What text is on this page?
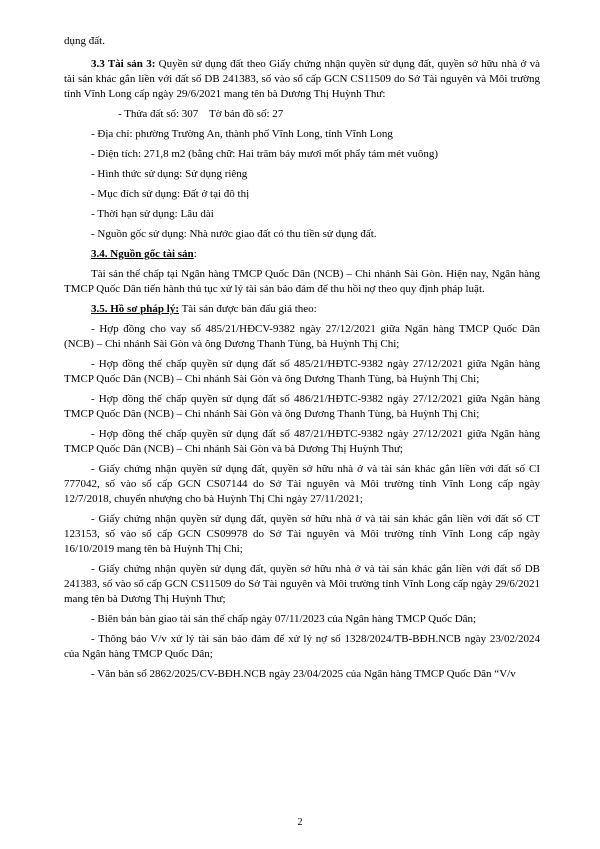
dụng đất.

3.3 Tài sản 3: Quyền sử dụng đất theo Giấy chứng nhận quyền sử dụng đất, quyền sở hữu nhà ở và tài sản khác gắn liền với đất số DB 241383, số vào sổ cấp GCN CS11509 do Sở Tài nguyên và Môi trường tỉnh Vĩnh Long cấp ngày 29/6/2021 mang tên bà Dương Thị Huỳnh Thư:

- Thửa đất số: 307 Tờ bản đồ số: 27

- Địa chỉ: phường Trường An, thành phố Vĩnh Long, tỉnh Vĩnh Long

- Diện tích: 271,8 m2 (bằng chữ: Hai trăm bảy mươi mốt phẩy tám mét vuông)

- Hình thức sử dụng: Sử dụng riêng

- Mục đích sử dụng: Đất ở tại đô thị

- Thời hạn sử dụng: Lâu dài

- Nguồn gốc sử dụng: Nhà nước giao đất có thu tiền sử dụng đất.

3.4. Nguồn gốc tài sản:

Tài sản thế chấp tại Ngân hàng TMCP Quốc Dân (NCB) – Chi nhánh Sài Gòn. Hiện nay, Ngân hàng TMCP Quốc Dân tiến hành thủ tục xử lý tài sản bảo đảm để thu hồi nợ theo quy định pháp luật.

3.5. Hồ sơ pháp lý: Tài sản được bán đấu giá theo:

- Hợp đồng cho vay số 485/21/HĐCV-9382 ngày 27/12/2021 giữa Ngân hàng TMCP Quốc Dân (NCB) – Chi nhánh Sài Gòn và ông Dương Thanh Tùng, bà Huỳnh Thị Chi;

- Hợp đồng thế chấp quyền sử dụng đất số 485/21/HĐTC-9382 ngày 27/12/2021 giữa Ngân hàng TMCP Quốc Dân (NCB) – Chi nhánh Sài Gòn và ông Dương Thanh Tùng, bà Huỳnh Thị Chi;

- Hợp đồng thế chấp quyền sử dụng đất số 486/21/HĐTC-9382 ngày 27/12/2021 giữa Ngân hàng TMCP Quốc Dân (NCB) – Chi nhánh Sài Gòn và ông Dương Thanh Tùng, bà Huỳnh Thị Chi;

- Hợp đồng thế chấp quyền sử dụng đất số 487/21/HĐTC-9382 ngày 27/12/2021 giữa Ngân hàng TMCP Quốc Dân (NCB) – Chi nhánh Sài Gòn và bà Dương Thị Huỳnh Thư;

- Giấy chứng nhận quyền sử dụng đất, quyền sở hữu nhà ở và tài sản khác gắn liền với đất số CI 777042, số vào sổ cấp GCN CS07144 do Sở Tài nguyên và Môi trường tỉnh Vĩnh Long cấp ngày 12/7/2018, chuyển nhượng cho bà Huỳnh Thị Chi ngày 27/11/2021;

- Giấy chứng nhận quyền sử dụng đất, quyền sở hữu nhà ở và tài sản khác gắn liền với đất số CT 123153, số vào sổ cấp GCN CS09978 do Sở Tài nguyên và Môi trường tỉnh Vĩnh Long cấp ngày 16/10/2019 mang tên bà Huỳnh Thị Chi;

- Giấy chứng nhận quyền sử dụng đất, quyền sở hữu nhà ở và tài sản khác gắn liền với đất số DB 241383, số vào sổ cấp GCN CS11509 do Sở Tài nguyên và Môi trường tỉnh Vĩnh Long cấp ngày 29/6/2021 mang tên bà Dương Thị Huỳnh Thư;

- Biên bản bàn giao tài sản thế chấp ngày 07/11/2023 của Ngân hàng TMCP Quốc Dân;

- Thông báo V/v xử lý tài sản bảo đảm để xử lý nợ số 1328/2024/TB-BĐH.NCB ngày 23/02/2024 của Ngân hàng TMCP Quốc Dân;

- Văn bản số 2862/2025/CV-BĐH.NCB ngày 23/04/2025 của Ngân hàng TMCP Quốc Dân “V/v

2
